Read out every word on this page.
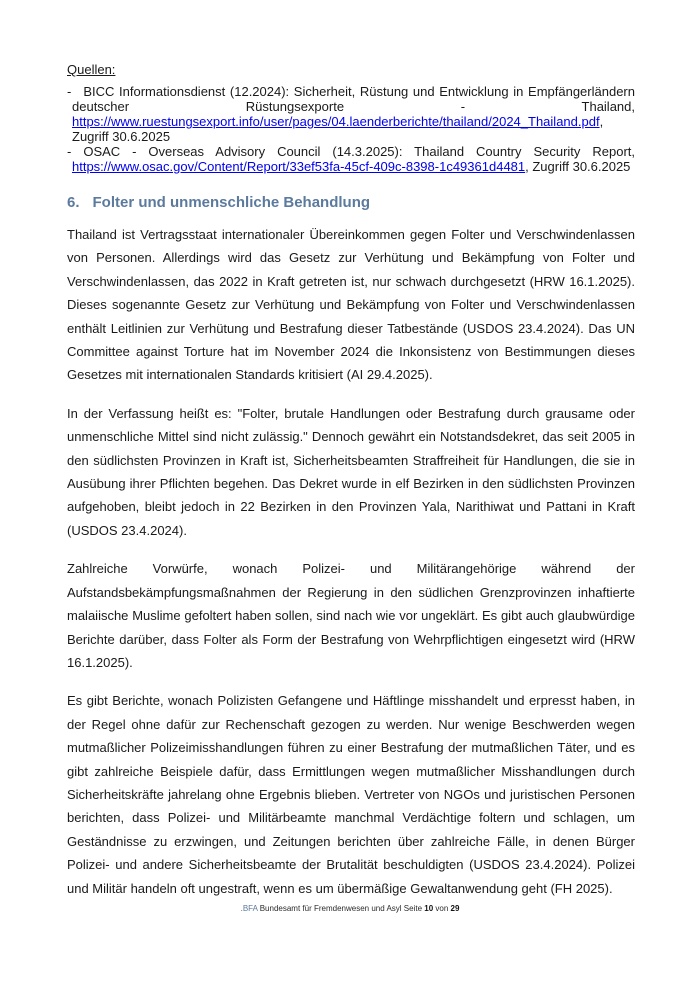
Quellen:
- BICC Informationsdienst (12.2024): Sicherheit, Rüstung und Entwicklung in Empfängerländern deutscher Rüstungsexporte - Thailand, https://www.ruestungsexport.info/user/pages/04.laenderberichte/thailand/2024_Thailand.pdf, Zugriff 30.6.2025
- OSAC - Overseas Advisory Council (14.3.2025): Thailand Country Security Report, https://www.osac.gov/Content/Report/33ef53fa-45cf-409c-8398-1c49361d4481, Zugriff 30.6.2025
6. Folter und unmenschliche Behandlung

Thailand ist Vertragsstaat internationaler Übereinkommen gegen Folter und Verschwindenlassen von Personen. Allerdings wird das Gesetz zur Verhütung und Bekämpfung von Folter und Verschwindenlassen, das 2022 in Kraft getreten ist, nur schwach durchgesetzt (HRW 16.1.2025). Dieses sogenannte Gesetz zur Verhütung und Bekämpfung von Folter und Verschwindenlassen enthält Leitlinien zur Verhütung und Bestrafung dieser Tatbestände (USDOS 23.4.2024). Das UN Committee against Torture hat im November 2024 die Inkonsistenz von Bestimmungen dieses Gesetzes mit internationalen Standards kritisiert (AI 29.4.2025).

In der Verfassung heißt es: "Folter, brutale Handlungen oder Bestrafung durch grausame oder unmenschliche Mittel sind nicht zulässig." Dennoch gewährt ein Notstandsdekret, das seit 2005 in den südlichsten Provinzen in Kraft ist, Sicherheitsbeamten Straffreiheit für Handlungen, die sie in Ausübung ihrer Pflichten begehen. Das Dekret wurde in elf Bezirken in den südlichsten Provinzen aufgehoben, bleibt jedoch in 22 Bezirken in den Provinzen Yala, Narithiwat und Pattani in Kraft (USDOS 23.4.2024).

Zahlreiche Vorwürfe, wonach Polizei- und Militärangehörige während der Aufstandsbekämpfungsmaßnahmen der Regierung in den südlichen Grenzprovinzen inhaftierte malaiische Muslime gefoltert haben sollen, sind nach wie vor ungeklärt. Es gibt auch glaubwürdige Berichte darüber, dass Folter als Form der Bestrafung von Wehrpflichtigen eingesetzt wird (HRW 16.1.2025).

Es gibt Berichte, wonach Polizisten Gefangene und Häftlinge misshandelt und erpresst haben, in der Regel ohne dafür zur Rechenschaft gezogen zu werden. Nur wenige Beschwerden wegen mutmaßlicher Polizeimisshandlungen führen zu einer Bestrafung der mutmaßlichen Täter, und es gibt zahlreiche Beispiele dafür, dass Ermittlungen wegen mutmaßlicher Misshandlungen durch Sicherheitskräfte jahrelang ohne Ergebnis blieben. Vertreter von NGOs und juristischen Personen berichten, dass Polizei- und Militärbeamte manchmal Verdächtige foltern und schlagen, um Geständnisse zu erzwingen, und Zeitungen berichten über zahlreiche Fälle, in denen Bürger Polizei- und andere Sicherheitsbeamte der Brutalität beschuldigten (USDOS 23.4.2024). Polizei und Militär handeln oft ungestraft, wenn es um übermäßige Gewaltanwendung geht (FH 2025).

.BFA Bundesamt für Fremdenwesen und Asyl Seite 10 von 29
